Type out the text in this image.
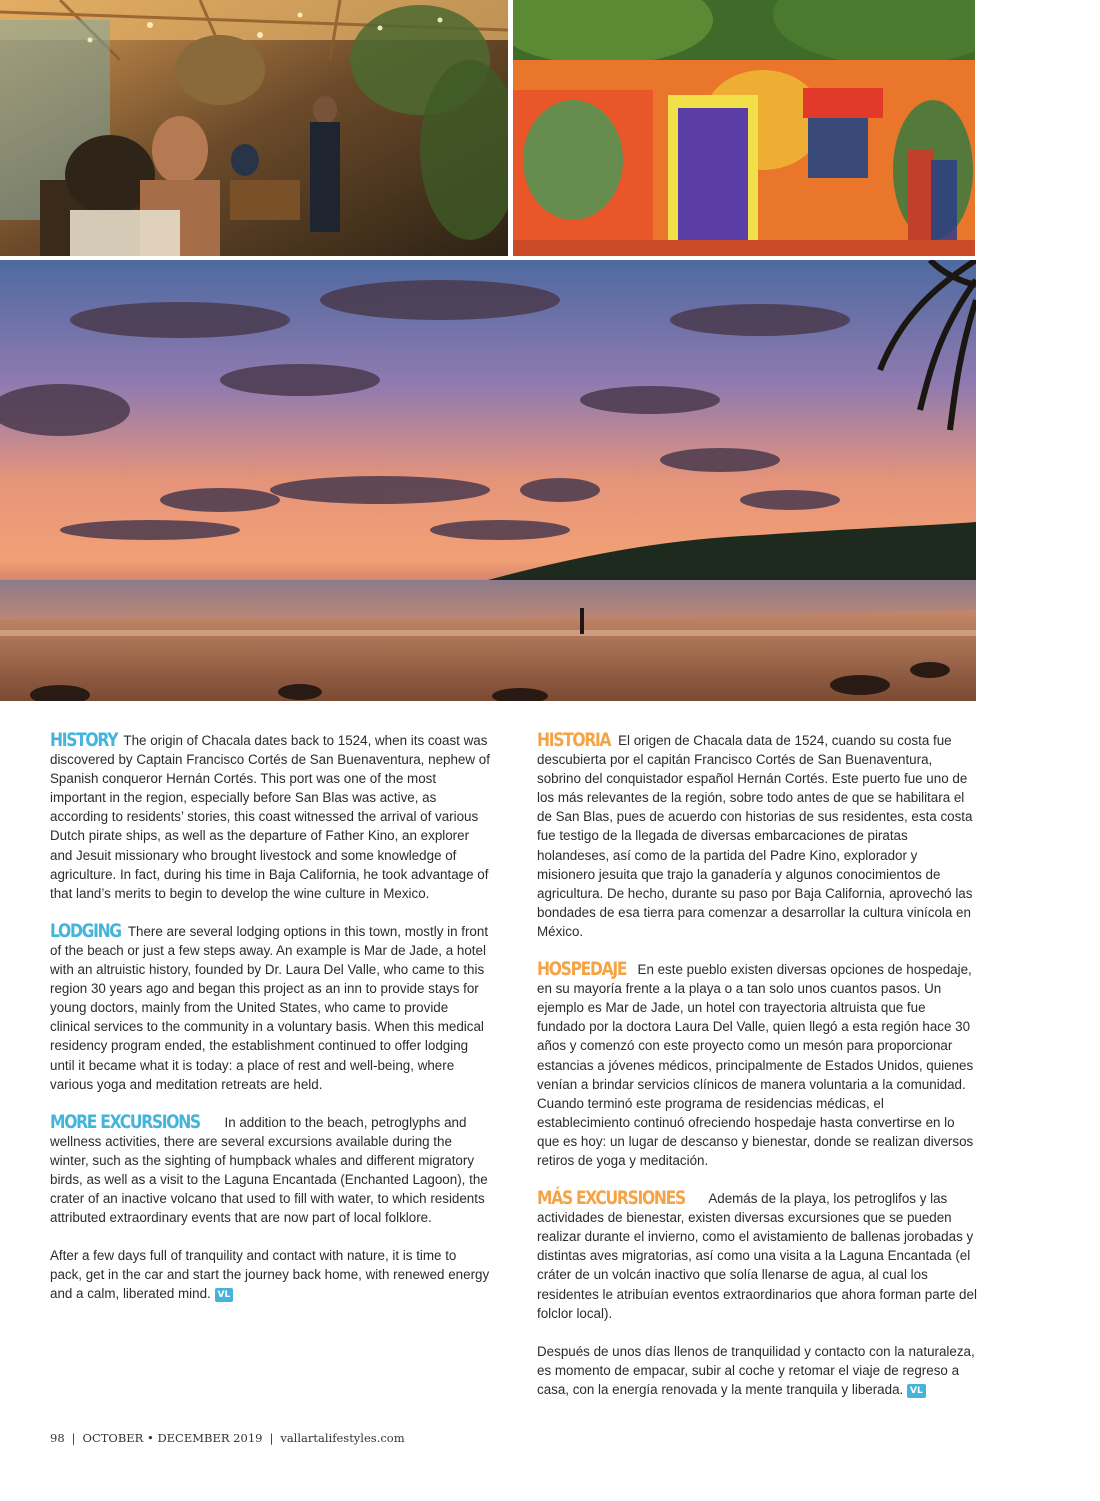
HISTORY The origin of Chacala dates back to 1524, when its coast was discovered by Captain Francisco Cortés de San Buenaventura, nephew of Spanish conqueror Hernán Cortés. This port was one of the most important in the region, especially before San Blas was active, as according to residents’ stories, this coast witnessed the arrival of various Dutch pirate ships, as well as the departure of Father Kino, an explorer and Jesuit missionary who brought livestock and some knowledge of agriculture. In fact, during his time in Baja California, he took advantage of that land’s merits to begin to develop the wine culture in Mexico.

LODGING There are several lodging options in this town, mostly in front of the beach or just a few steps away. An example is Mar de Jade, a hotel with an altruistic history, founded by Dr. Laura Del Valle, who came to this region 30 years ago and began this project as an inn to provide stays for young doctors, mainly from the United States, who came to provide clinical services to the community in a voluntary basis. When this medical residency program ended, the establishment continued to offer lodging until it became what it is today: a place of rest and well-being, where various yoga and meditation retreats are held.

MORE EXCURSIONS In addition to the beach, petroglyphs and wellness activities, there are several excursions available during the winter, such as the sighting of humpback whales and different migratory birds, as well as a visit to the Laguna Encantada (Enchanted Lagoon), the crater of an inactive volcano that used to fill with water, to which residents attributed extraordinary events that are now part of local folklore.

After a few days full of tranquility and contact with nature, it is time to pack, get in the car and start the journey back home, with renewed energy and a calm, liberated mind. VL

HISTORIA El origen de Chacala data de 1524, cuando su costa fue descubierta por el capitán Francisco Cortés de San Buenaventura, sobrino del conquistador español Hernán Cortés. Este puerto fue uno de los más relevantes de la región, sobre todo antes de que se habilitara el de San Blas, pues de acuerdo con historias de sus residentes, esta costa fue testigo de la llegada de diversas embarcaciones de piratas holandeses, así como de la partida del Padre Kino, explorador y misionero jesuita que trajo la ganadería y algunos conocimientos de agricultura. De hecho, durante su paso por Baja California, aprovechó las bondades de esa tierra para comenzar a desarrollar la cultura vinícola en México.

HOSPEDAJE En este pueblo existen diversas opciones de hospedaje, en su mayoría frente a la playa o a tan solo unos cuantos pasos. Un ejemplo es Mar de Jade, un hotel con trayectoria altruista que fue fundado por la doctora Laura Del Valle, quien llegó a esta región hace 30 años y comenzó con este proyecto como un mesón para proporcionar estancias a jóvenes médicos, principalmente de Estados Unidos, quienes venían a brindar servicios clínicos de manera voluntaria a la comunidad. Cuando terminó este programa de residencias médicas, el establecimiento continuó ofreciendo hospedaje hasta convertirse en lo que es hoy: un lugar de descanso y bienestar, donde se realizan diversos retiros de yoga y meditación.

MÁS EXCURSIONES Además de la playa, los petroglifos y las actividades de bienestar, existen diversas excursiones que se pueden realizar durante el invierno, como el avistamiento de ballenas jorobadas y distintas aves migratorias, así como una visita a la Laguna Encantada (el cráter de un volcán inactivo que solía llenarse de agua, al cual los residentes le atribuían eventos extraordinarios que ahora forman parte del folclor local).

Después de unos días llenos de tranquilidad y contacto con la naturaleza, es momento de empacar, subir al coche y retomar el viaje de regreso a casa, con la energía renovada y la mente tranquila y liberada. VL

98 | OCTOBER • DECEMBER 2019 | vallartalifestyles.com
